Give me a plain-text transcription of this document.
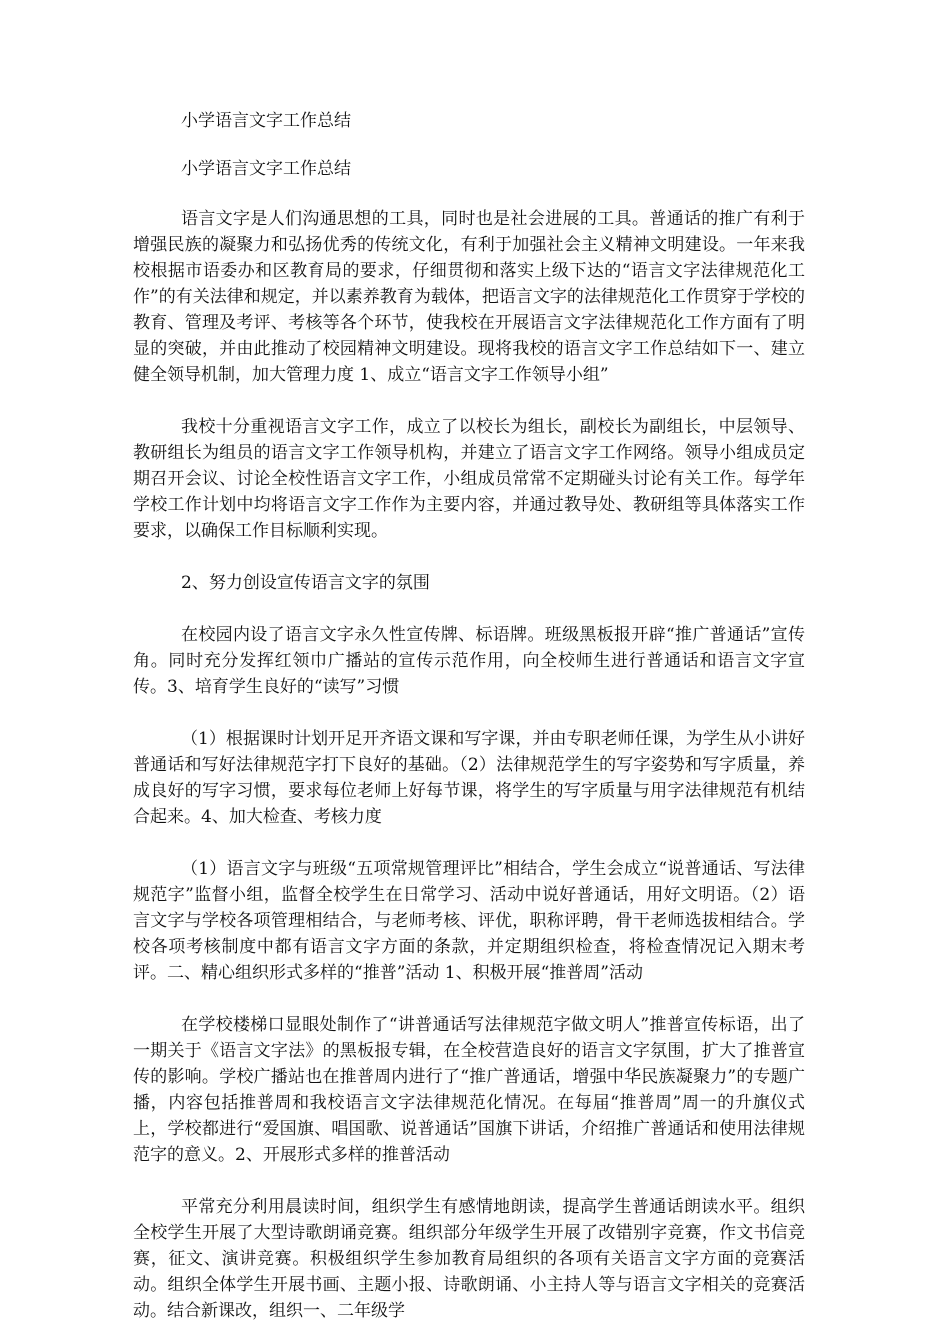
小学语言文字工作总结

小学语言文字工作总结

语言文字是人们沟通思想的工具，同时也是社会进展的工具。普通话的推广有利于增强民族的凝聚力和弘扬优秀的传统文化，有利于加强社会主义精神文明建设。一年来我校根据市语委办和区教育局的要求，仔细贯彻和落实上级下达的“语言文字法律规范化工作”的有关法律和规定，并以素养教育为载体，把语言文字的法律规范化工作贯穿于学校的教育、管理及考评、考核等各个环节，使我校在开展语言文字法律规范化工作方面有了明显的突破，并由此推动了校园精神文明建设。现将我校的语言文字工作总结如下一、建立健全领导机制，加大管理力度 1、成立“语言文字工作领导小组”

我校十分重视语言文字工作，成立了以校长为组长，副校长为副组长，中层领导、教研组长为组员的语言文字工作领导机构，并建立了语言文字工作网络。领导小组成员定期召开会议、讨论全校性语言文字工作，小组成员常常不定期碰头讨论有关工作。每学年学校工作计划中均将语言文字工作作为主要内容，并通过教导处、教研组等具体落实工作要求，以确保工作目标顺利实现。

2、努力创设宣传语言文字的氛围

在校园内设了语言文字永久性宣传牌、标语牌。班级黑板报开辟“推广普通话”宣传角。同时充分发挥红领巾广播站的宣传示范作用，向全校师生进行普通话和语言文字宣传。3、培育学生良好的“读写”习惯

（1）根据课时计划开足开齐语文课和写字课，并由专职老师任课，为学生从小讲好普通话和写好法律规范字打下良好的基础。（2）法律规范学生的写字姿势和写字质量，养成良好的写字习惯，要求每位老师上好每节课，将学生的写字质量与用字法律规范有机结合起来。4、加大检查、考核力度

（1）语言文字与班级“五项常规管理评比”相结合，学生会成立“说普通话、写法律规范字”监督小组，监督全校学生在日常学习、活动中说好普通话，用好文明语。（2）语言文字与学校各项管理相结合，与老师考核、评优，职称评聘，骨干老师选拔相结合。学校各项考核制度中都有语言文字方面的条款，并定期组织检查，将检查情况记入期末考评。二、精心组织形式多样的“推普”活动 1、积极开展“推普周”活动

在学校楼梯口显眼处制作了“讲普通话写法律规范字做文明人”推普宣传标语，出了一期关于《语言文字法》的黑板报专辑，在全校营造良好的语言文字氛围，扩大了推普宣传的影响。学校广播站也在推普周内进行了“推广普通话，增强中华民族凝聚力”的专题广播，内容包括推普周和我校语言文字法律规范化情况。在每届“推普周”周一的升旗仪式上，学校都进行“爱国旗、唱国歌、说普通话”国旗下讲话，介绍推广普通话和使用法律规范字的意义。2、开展形式多样的推普活动

平常充分利用晨读时间，组织学生有感情地朗读，提高学生普通话朗读水平。组织全校学生开展了大型诗歌朗诵竞赛。组织部分年级学生开展了改错别字竞赛，作文书信竞赛，征文、演讲竞赛。积极组织学生参加教育局组织的各项有关语言文字方面的竞赛活动。组织全体学生开展书画、主题小报、诗歌朗诵、小主持人等与语言文字相关的竞赛活动。结合新课改，组织一、二年级学
